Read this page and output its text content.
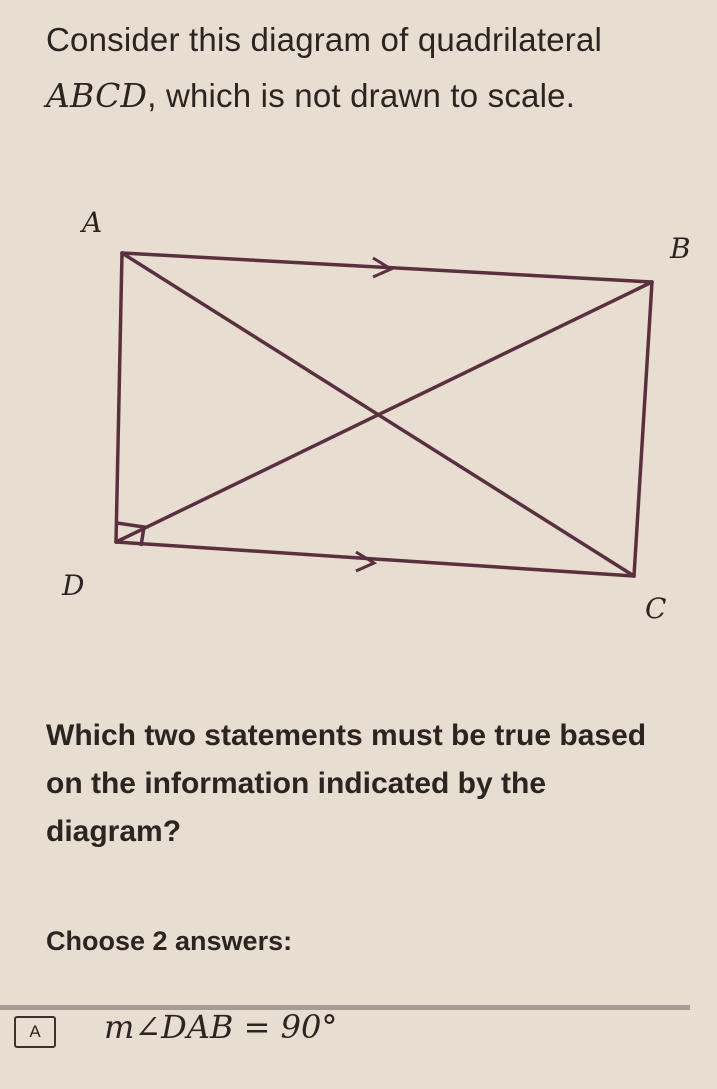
Consider this diagram of quadrilateral
ABCD, which is not drawn to scale.
A
B
C
D
Which two statements must be true based on the information indicated by the diagram?
Choose 2 answers:
A	m∠DAB = 90°
